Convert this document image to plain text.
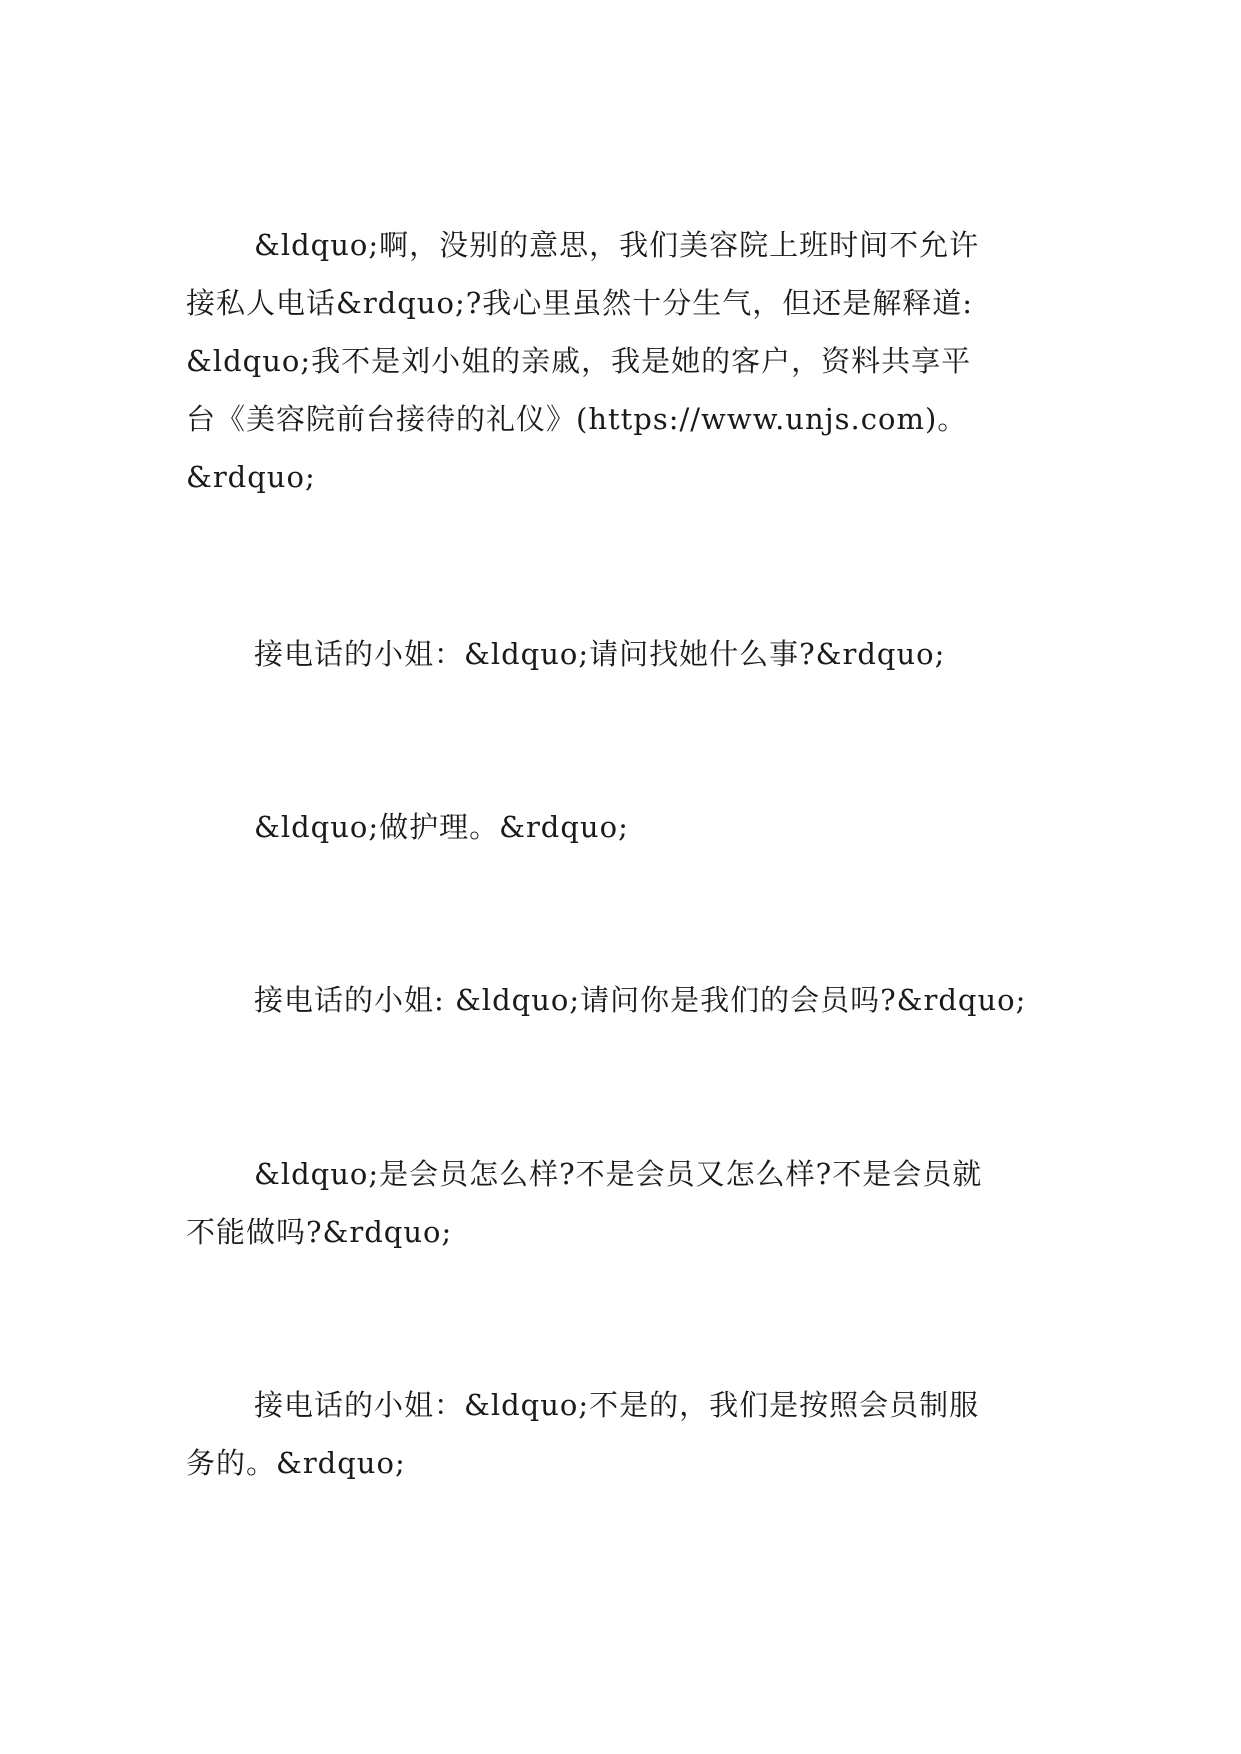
&ldquo;啊，没别的意思，我们美容院上班时间不允许
接私人电话&rdquo;?我心里虽然十分生气，但还是解释道:
&ldquo;我不是刘小姐的亲戚，我是她的客户，资料共享平
台《美容院前台接待的礼仪》(https://www.unjs.com)。
&rdquo;

接电话的小姐：&ldquo;请问找她什么事?&rdquo;

&ldquo;做护理。&rdquo;

接电话的小姐: &ldquo;请问你是我们的会员吗?&rdquo;

&ldquo;是会员怎么样?不是会员又怎么样?不是会员就
不能做吗?&rdquo;

接电话的小姐：&ldquo;不是的，我们是按照会员制服
务的。&rdquo;
